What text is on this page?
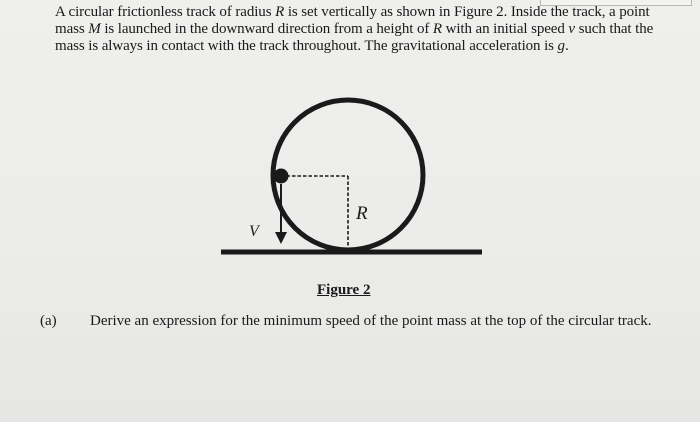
A circular frictionless track of radius R is set vertically as shown in Figure 2. Inside the track, a point mass M is launched in the downward direction from a height of R with an initial speed v such that the mass is always in contact with the track throughout. The gravitational acceleration is g.

R
V

Figure 2

(a) Derive an expression for the minimum speed of the point mass at the top of the circular track.
